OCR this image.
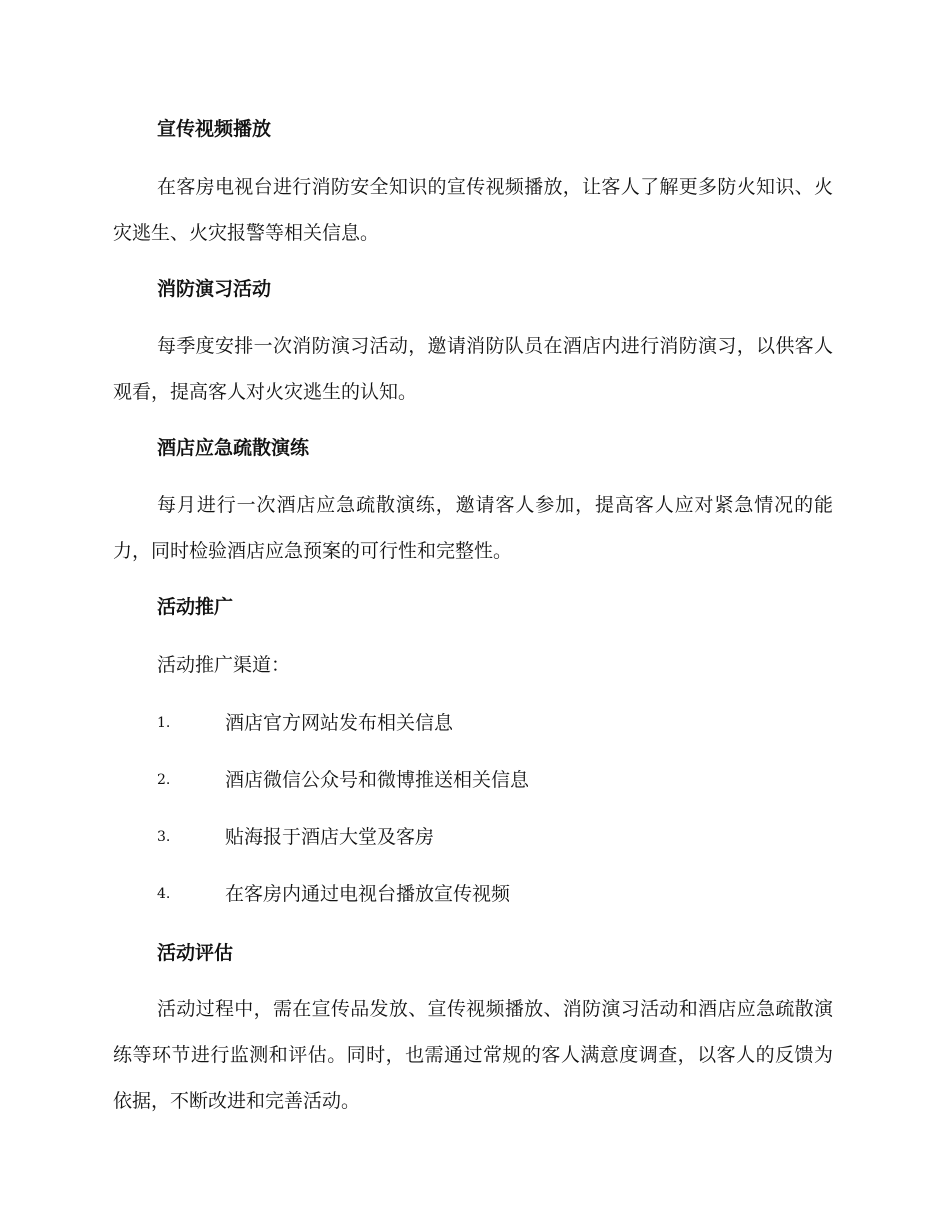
宣传视频播放
在客房电视台进行消防安全知识的宣传视频播放，让客人了解更多防火知识、火灾逃生、火灾报警等相关信息。
消防演习活动
每季度安排一次消防演习活动，邀请消防队员在酒店内进行消防演习，以供客人观看，提高客人对火灾逃生的认知。
酒店应急疏散演练
每月进行一次酒店应急疏散演练，邀请客人参加，提高客人应对紧急情况的能力，同时检验酒店应急预案的可行性和完整性。
活动推广
活动推广渠道：
1.	酒店官方网站发布相关信息
2.	酒店微信公众号和微博推送相关信息
3.	贴海报于酒店大堂及客房
4.	在客房内通过电视台播放宣传视频
活动评估
活动过程中，需在宣传品发放、宣传视频播放、消防演习活动和酒店应急疏散演练等环节进行监测和评估。同时，也需通过常规的客人满意度调查，以客人的反馈为依据，不断改进和完善活动。
